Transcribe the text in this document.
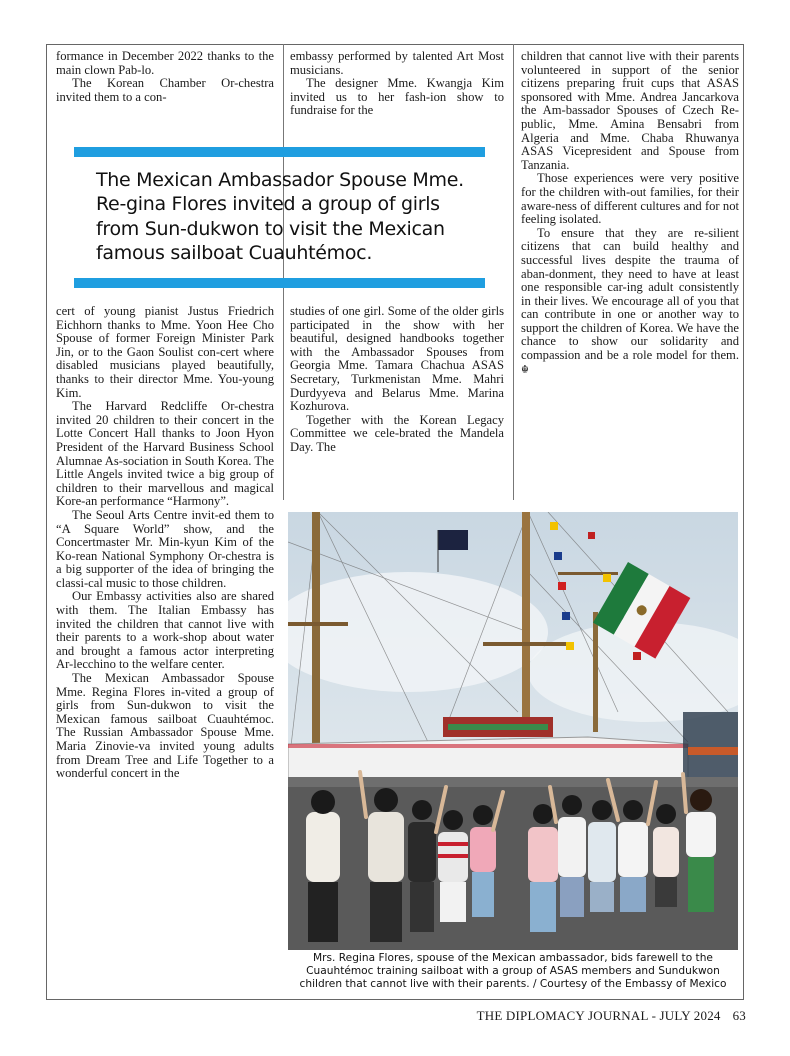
formance in December 2022 thanks to the main clown Pab-lo.

The Korean Chamber Or-chestra invited them to a con-

embassy performed by talented Art Most musicians.

The designer Mme. Kwangja Kim invited us to her fash-ion show to fundraise for the

The Mexican Ambassador Spouse Mme. Re-gina Flores invited a group of girls from Sun-dukwon to visit the Mexican famous sailboat Cuauhtémoc.

cert of young pianist Justus Friedrich Eichhorn thanks to Mme. Yoon Hee Cho Spouse of former Foreign Minister Park Jin, or to the Gaon Soulist con-cert where disabled musicians played beautifully, thanks to their director Mme. You-young Kim.

The Harvard Redcliffe Or-chestra invited 20 children to their concert in the Lotte Concert Hall thanks to Joon Hyon President of the Harvard Business School Alumnae As-sociation in South Korea. The Little Angels invited twice a big group of children to their marvellous and magical Kore-an performance “Harmony”.

The Seoul Arts Centre invit-ed them to “A Square World” show, and the Concertmaster Mr. Min-kyun Kim of the Ko-rean National Symphony Or-chestra is a big supporter of the idea of bringing the classi-cal music to those children.

Our Embassy activities also are shared with them. The Italian Embassy has invited the children that cannot live with their parents to a work-shop about water and brought a famous actor interpreting Ar-lecchino to the welfare center.

The Mexican Ambassador Spouse Mme. Regina Flores in-vited a group of girls from Sun-dukwon to visit the Mexican famous sailboat Cuauhtémoc. The Russian Ambassador Spouse Mme. Maria Zinovie-va invited young adults from Dream Tree and Life Together to a wonderful concert in the

studies of one girl. Some of the older girls participated in the show with her beautiful, designed handbooks together with the Ambassador Spouses from Georgia Mme. Tamara Chachua ASAS Secretary, Turkmenistan Mme. Mahri Durdyyeva and Belarus Mme. Marina Kozhurova.

Together with the Korean Legacy Committee we cele-brated the Mandela Day. The

children that cannot live with their parents volunteered in support of the senior citizens preparing fruit cups that ASAS sponsored with Mme. Andrea Jancarkova the Am-bassador Spouses of Czech Re-public, Mme. Amina Bensabri from Algeria and Mme. Chaba Rhuwanya ASAS Vicepresident and Spouse from Tanzania.

Those experiences were very positive for the children with-out families, for their aware-ness of different cultures and for not feeling isolated.

To ensure that they are re-silient citizens that can build healthy and successful lives despite the trauma of aban-donment, they need to have at least one responsible car-ing adult consistently in their lives. We encourage all of you that can contribute in one or another way to support the children of Korea. We have the chance to show our solidarity and compassion and be a role model for them. ☬

Mrs. Regina Flores, spouse of the Mexican ambassador, bids farewell to the Cuauhtémoc training sailboat with a group of ASAS members and Sundukwon children that cannot live with their parents. / Courtesy of the Embassy of Mexico
THE DIPLOMACY JOURNAL - JULY 2024 63
